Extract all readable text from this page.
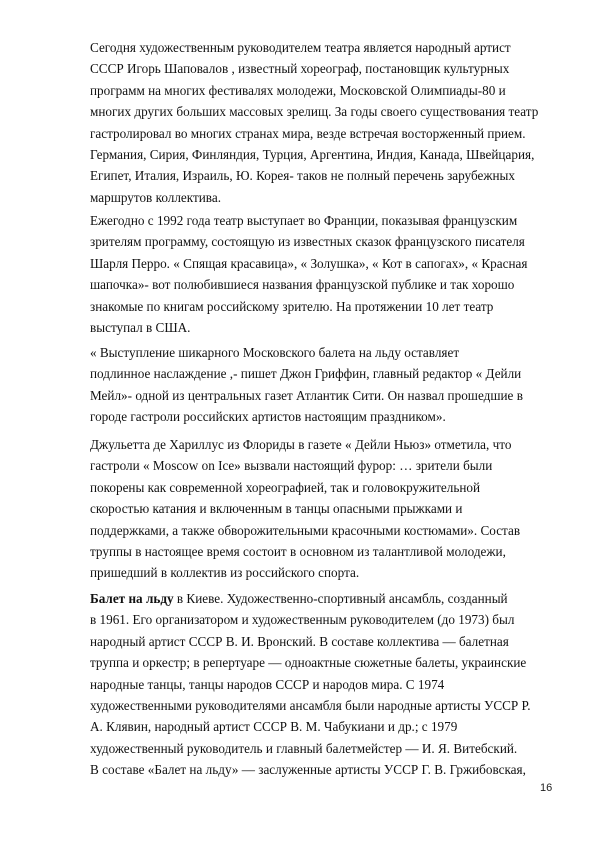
Сегодня художественным руководителем театра является народный артист
СССР Игорь Шаповалов , известный хореограф, постановщик культурных
программ на многих фестивалях молодежи, Московской Олимпиады-80 и
многих других больших массовых зрелищ. За годы своего существования театр
гастролировал во многих странах мира, везде встречая восторженный прием.
Германия, Сирия, Финляндия, Турция, Аргентина, Индия, Канада, Швейцария,
Египет, Италия, Израиль, Ю. Корея- таков не полный перечень зарубежных
маршрутов коллектива.
Ежегодно с 1992 года театр выступает во Франции, показывая французским
зрителям программу, состоящую из известных сказок французского писателя
Шарля Перро. « Спящая красавица», « Золушка», « Кот в сапогах», « Красная
шапочка»- вот полюбившиеся названия французской публике и так хорошо
знакомые по книгам российскому зрителю. На протяжении 10 лет театр
выступал в США.
« Выступление шикарного Московского балета на льду оставляет
подлинное наслаждение ,- пишет Джон Гриффин, главный редактор « Дейли
Мейл»- одной из центральных газет Атлантик Сити. Он назвал прошедшие в
городе гастроли российских артистов настоящим праздником».
Джульетта де Хариллус из Флориды в газете « Дейли Ньюз» отметила, что
гастроли « Moscow on Ice» вызвали настоящий фурор: … зрители были
покорены как современной хореографией, так и головокружительной
скоростью катания и включенным в танцы опасными прыжками и
поддержками, а также обворожительными красочными костюмами». Состав
труппы в настоящее время состоит в основном из талантливой молодежи,
пришедший в коллектив из российского спорта.
Балет на льду в Киеве. Художественно-спортивный ансамбль, созданный
в 1961. Его организатором и художественным руководителем (до 1973) был
народный артист СССР В. И. Вронский. В составе коллектива — балетная
труппа и оркестр; в репертуаре — одноактные сюжетные балеты, украинские
народные танцы, танцы народов СССР и народов мира. С 1974
художественными руководителями ансамбля были народные артисты УССР Р.
А. Клявин, народный артист СССР В. М. Чабукиани и др.; с 1979
художественный руководитель и главный балетмейстер — И. Я. Витебский.
В составе «Балет на льду» — заслуженные артисты УССР Г. В. Гржибовская,
16
